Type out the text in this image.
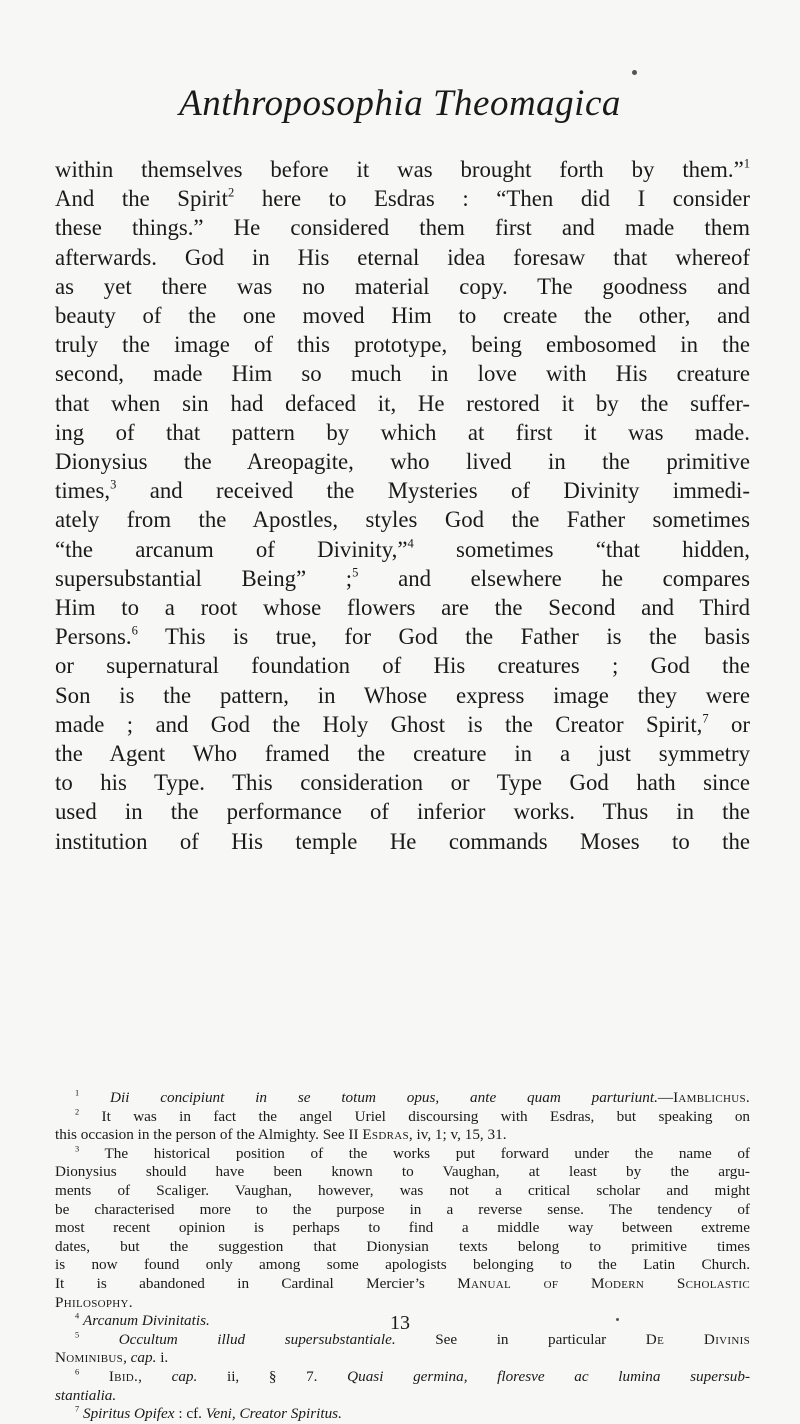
Anthroposophia Theomagica
within themselves before it was brought forth by them.”$^1$
And the Spirit$^2$ here to Esdras : “Then did I consider
these things.” He considered them first and made them
afterwards. God in His eternal idea foresaw that whereof
as yet there was no material copy. The goodness and
beauty of the one moved Him to create the other, and
truly the image of this prototype, being embosomed in the
second, made Him so much in love with His creature
that when sin had defaced it, He restored it by the suffer-
ing of that pattern by which at first it was made.
Dionysius the Areopagite, who lived in the primitive
times,$^3$ and received the Mysteries of Divinity immedi-
ately from the Apostles, styles God the Father sometimes
“the arcanum of Divinity,”$^4$ sometimes “that hidden,
supersubstantial Being” ;$^5$ and elsewhere he compares
Him to a root whose flowers are the Second and Third
Persons.$^6$ This is true, for God the Father is the basis
or supernatural foundation of His creatures ; God the
Son is the pattern, in Whose express image they were
made ; and God the Holy Ghost is the Creator Spirit,$^7$ or
the Agent Who framed the creature in a just symmetry
to his Type. This consideration or Type God hath since
used in the performance of inferior works. Thus in the
institution of His temple He commands Moses to the
$^1$ Dii concipiunt in se totum opus, ante quam parturiunt.—Iamblichus.
$^2$ It was in fact the angel Uriel discoursing with Esdras, but speaking on
this occasion in the person of the Almighty. See II Esdras, iv, 1; v, 15, 31.
$^3$ The historical position of the works put forward under the name of
Dionysius should have been known to Vaughan, at least by the argu-
ments of Scaliger. Vaughan, however, was not a critical scholar and might
be characterised more to the purpose in a reverse sense. The tendency of
most recent opinion is perhaps to find a middle way between extreme
dates, but the suggestion that Dionysian texts belong to primitive times
is now found only among some apologists belonging to the Latin Church.
It is abandoned in Cardinal Mercier’s Manual of Modern Scholastic
Philosophy.
$^4$ Arcanum Divinitatis.
$^5$	Occultum illud supersubstantiale. See in particular De Divinis
Nominibus, cap. i.
$^6$ Ibid., cap. ii, § 7. Quasi germina, floresve ac lumina supersub-
stantialia.
$^7$ Spiritus Opifex : cf. Veni, Creator Spiritus.
13
